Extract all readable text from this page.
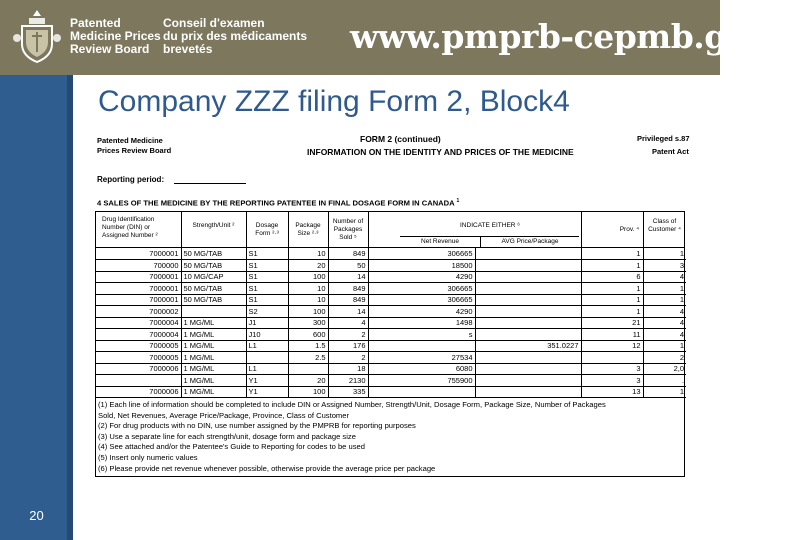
Patented
Medicine Prices
Review Board
Conseil d'examen
du prix des médicaments
brevetés	www.pmprb-cepmb.gc.ca
20
Company ZZZ filing Form 2, Block4
Patented Medicine
Prices Review Board
FORM 2 (continued)
INFORMATION ON THE IDENTITY AND PRICES OF THE MEDICINE
Privileged s.87
Patent Act
Reporting period:
4 SALES OF THE MEDICINE BY THE REPORTING PATENTEE IN FINAL DOSAGE FORM IN CANADA $^1$
Drug Identification
Number (DIN) or
Assigned Number ²
Strength/Unit ²	Dosage
Form ²·³
Package
Size ²·³
Number of
Packages Sold ⁵
INDICATE EITHER ⁶
Net Revenue	AVG Price/Package
Prov. ⁴
Class of
Customer ⁴
7000001	50 MG/TAB	S1	10	849	306665		1	1
700000	50 MG/TAB	S1	20	50	18500		1	3
7000001	10 MG/CAP	S1	100	14	4290		6	4
7000001	50 MG/TAB	S1	10	849	306665		1	1
7000001	50 MG/TAB	S1	10	849	306665		1	1
7000002		S2	100	14	4290		1	4
7000004	1 MG/ML	J1	300	4	1498		21	4
7000004	1 MG/ML	J10	600	2	s		11	4
7000005	1 MG/ML	L1	1.5	176		351.0227	12	1
7000005	1 MG/ML		2.5	2	27534			2
7000006	1 MG/ML	L1		18	6080		3	2,0
	1 MG/ML	Y1	20	2130	755900		3	.
7000006	1 MG/ML	Y1	100	335			13	1
(1) Each line of information should be completed to include DIN or Assigned Number, Strength/Unit, Dosage Form, Package Size, Number of Packages
Sold, Net Revenues, Average Price/Package, Province, Class of Customer
(2) For drug products with no DIN, use number assigned by the PMPRB for reporting purposes
(3) Use a separate line for each strength/unit, dosage form and package size
(4) See attached and/or the Patentee's Guide to Reporting for codes to be used
(5) Insert only numeric values
(6) Please provide net revenue whenever possible, otherwise provide the average price per package
